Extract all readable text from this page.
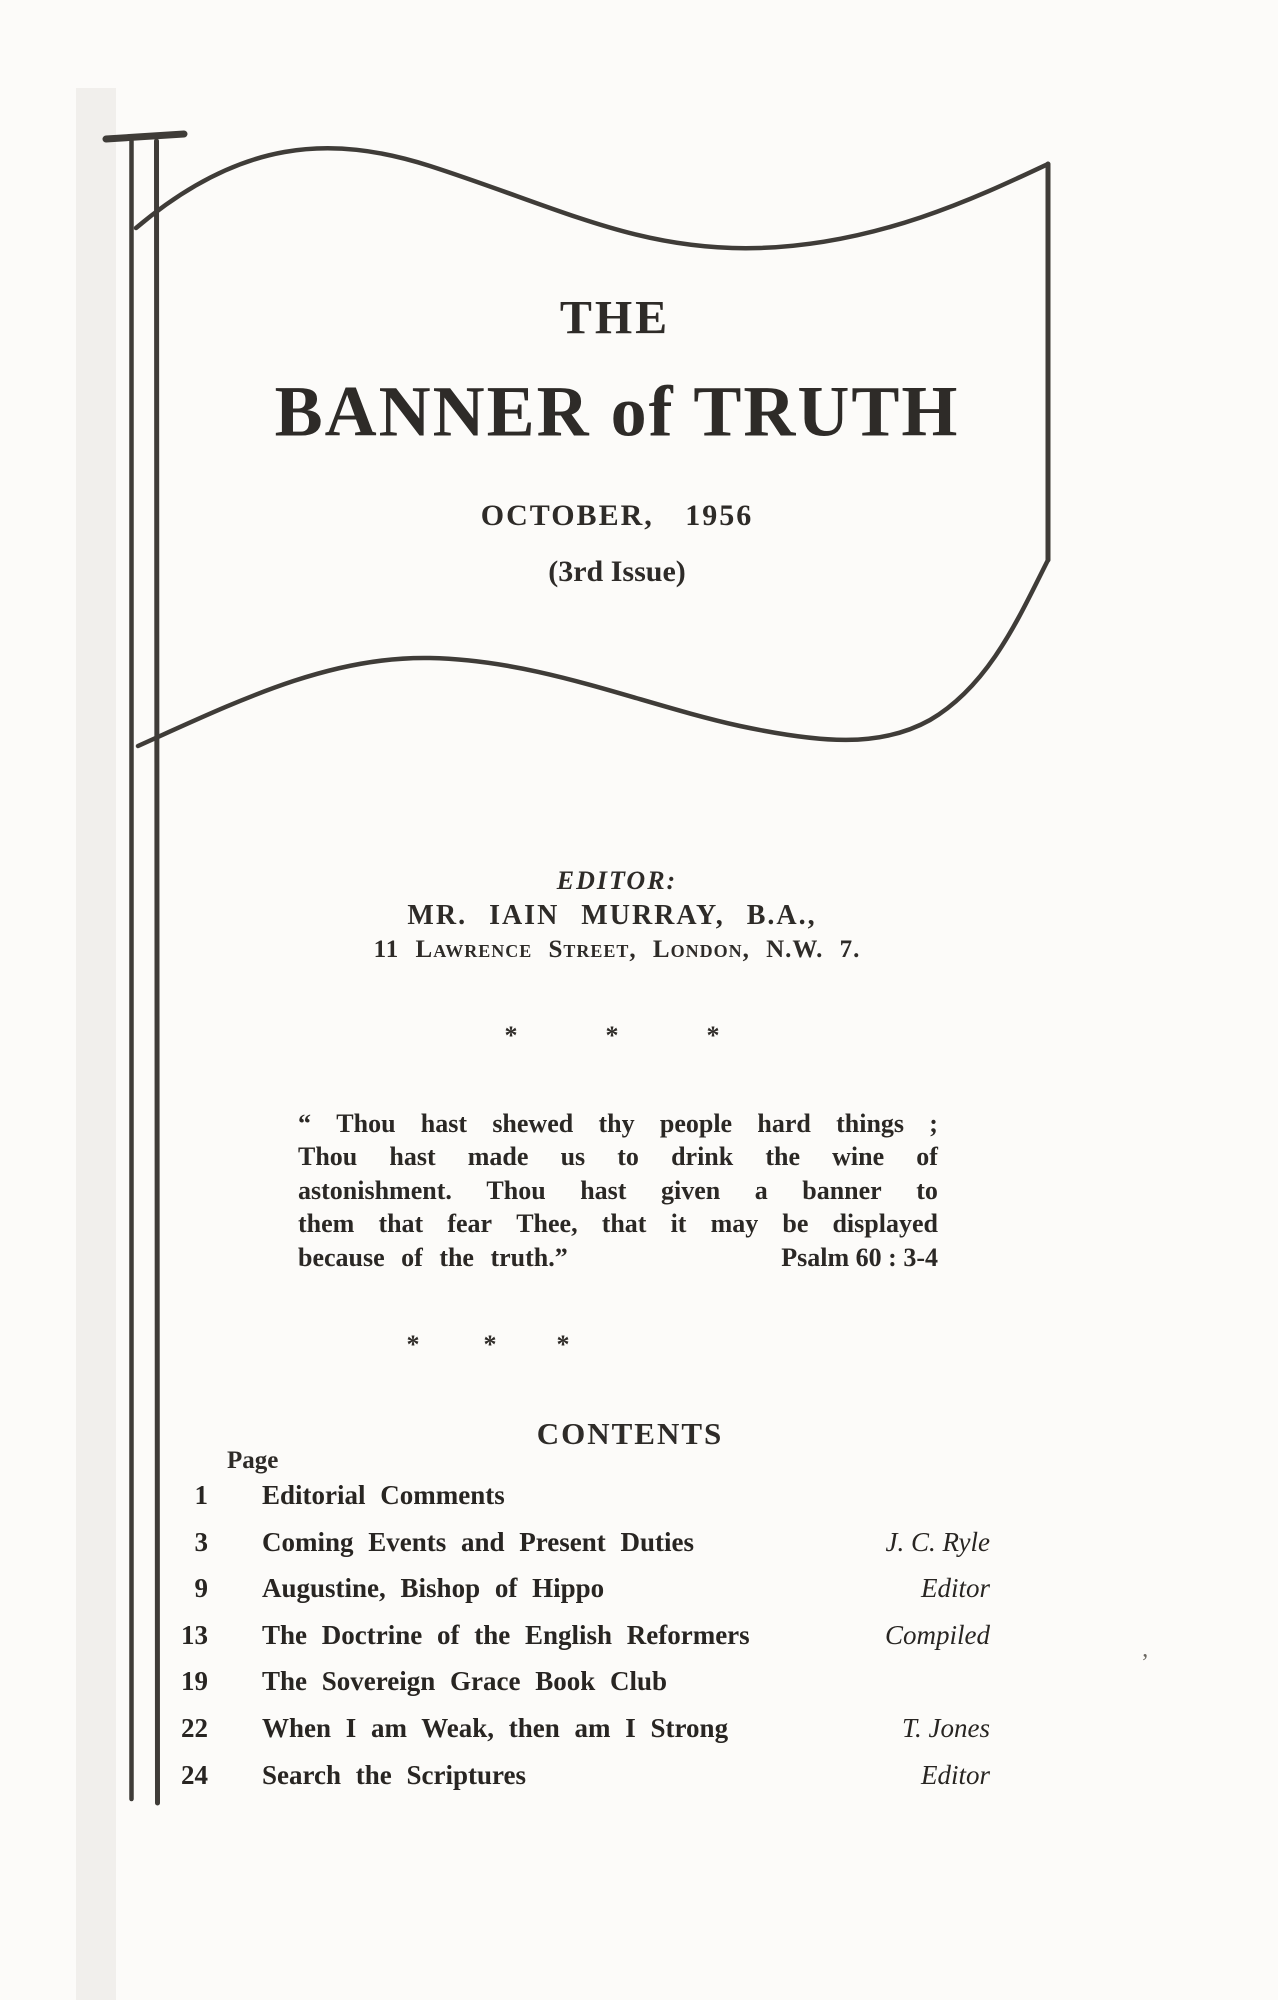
THE
BANNER of TRUTH
OCTOBER, 1956
(3rd Issue)
EDITOR:
MR. IAIN MURRAY, B.A.,
11 Lawrence Street, London, N.W. 7.
*	*	*
“ Thou hast shewed thy people hard things ;
Thou hast made us to drink the wine of
astonishment. Thou hast given a banner to
them that fear Thee, that it may be displayed
because of the truth.”	Psalm 60 : 3-4
* * *
CONTENTS
Page
1 Editorial Comments
3 Coming Events and Present Duties	J. C. Ryle
9 Augustine, Bishop of Hippo	Editor
13 The Doctrine of the English Reformers	Compiled
19 The Sovereign Grace Book Club
22 When I am Weak, then am I Strong	T. Jones
24 Search the Scriptures	Editor
’
